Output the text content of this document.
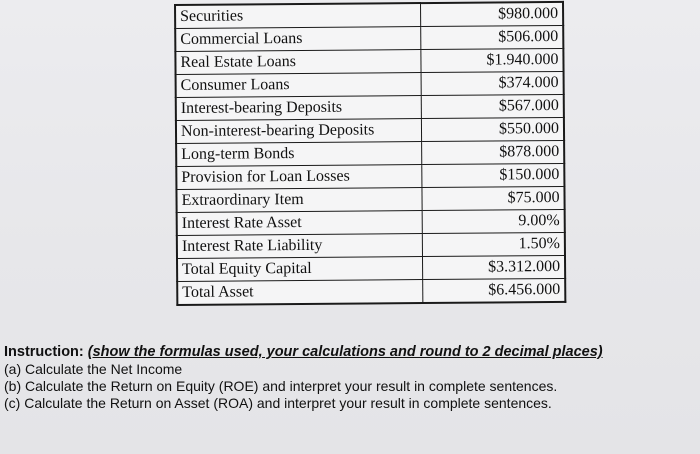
Securities	$980.000
Commercial Loans	$506.000
Real Estate Loans	$1.940.000
Consumer Loans	$374.000
Interest-bearing Deposits	$567.000
Non-interest-bearing Deposits	$550.000
Long-term Bonds	$878.000
Provision for Loan Losses	$150.000
Extraordinary Item	$75.000
Interest Rate Asset	9.00%
Interest Rate Liability	1.50%
Total Equity Capital	$3.312.000
Total Asset	$6.456.000
Instruction: (show the formulas used, your calculations and round to 2 decimal places)
(a) Calculate the Net Income
(b) Calculate the Return on Equity (ROE) and interpret your result in complete sentences.
(c) Calculate the Return on Asset (ROA) and interpret your result in complete sentences.
